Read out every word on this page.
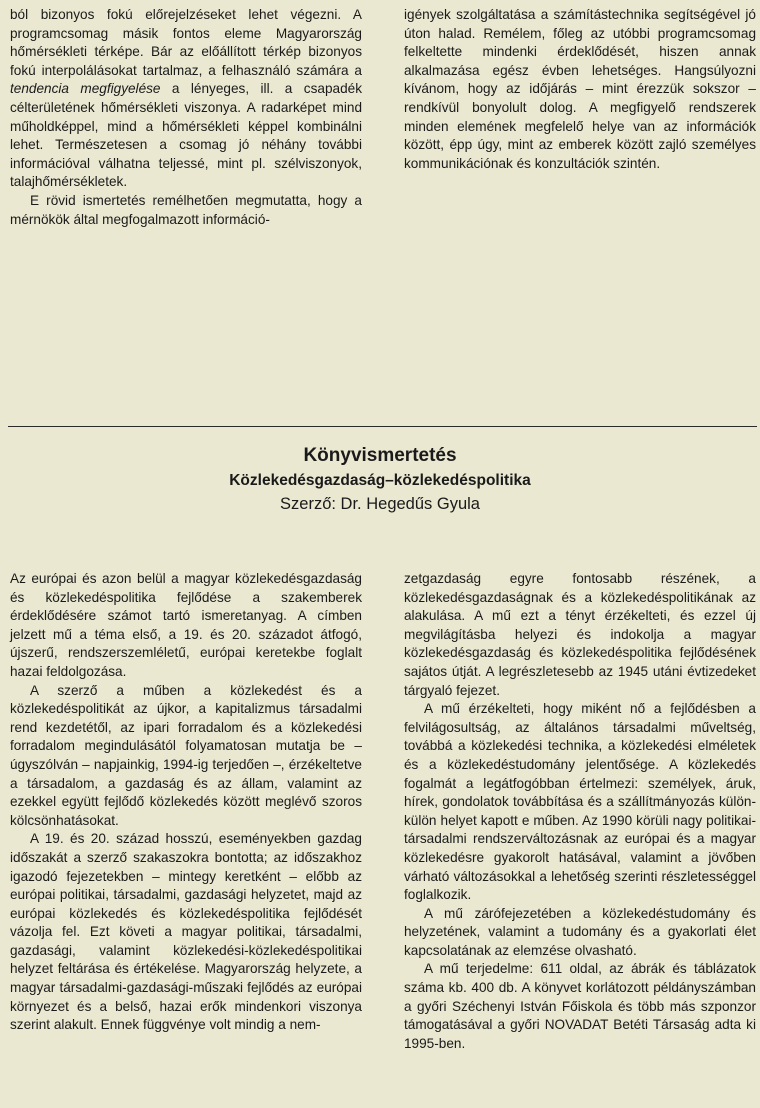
ból bizonyos fokú előrejelzéseket lehet végezni. A programcsomag másik fontos eleme Magyarország hőmérsékleti térképe. Bár az előállított térkép bizonyos fokú interpolálásokat tartalmaz, a felhasználó számára a tendencia megfigyelése a lényeges, ill. a csapadék célterületének hőmérsékleti viszonya. A radarképet mind műholdképpel, mind a hőmérsékleti képpel kombinálni lehet. Természetesen a csomag jó néhány további információval válhatna teljessé, mint pl. szélviszonyok, talajhőmérsékletek.

E rövid ismertetés remélhetően megmutatta, hogy a mérnökök által megfogalmazott információ-

igények szolgáltatása a számítástechnika segítségével jó úton halad. Remélem, főleg az utóbbi programcsomag felkeltette mindenki érdeklődését, hiszen annak alkalmazása egész évben lehetséges. Hangsúlyozni kívánom, hogy az időjárás – mint érezzük sokszor – rendkívül bonyolult dolog. A megfigyelő rendszerek minden elemének megfelelő helye van az információk között, épp úgy, mint az emberek között zajló személyes kommunikációnak és konzultációk szintén.

Könyvismertetés
Közlekedésgazdaság–közlekedéspolitika
Szerző: Dr. Hegedűs Gyula

Az európai és azon belül a magyar közlekedésgazdaság és közlekedéspolitika fejlődése a szakemberek érdeklődésére számot tartó ismeretanyag. A címben jelzett mű a téma első, a 19. és 20. századot átfogó, újszerű, rendszerszemléletű, európai keretekbe foglalt hazai feldolgozása.

A szerző a műben a közlekedést és a közlekedéspolitikát az újkor, a kapitalizmus társadalmi rend kezdetétől, az ipari forradalom és a közlekedési forradalom megindulásától folyamatosan mutatja be – úgyszólván – napjainkig, 1994-ig terjedően –, érzékeltetve a társadalom, a gazdaság és az állam, valamint az ezekkel együtt fejlődő közlekedés között meglévő szoros kölcsönhatásokat.

A 19. és 20. század hosszú, eseményekben gazdag időszakát a szerző szakaszokra bontotta; az időszakhoz igazodó fejezetekben – mintegy keretként – előbb az európai politikai, társadalmi, gazdasági helyzetet, majd az európai közlekedés és közlekedéspolitika fejlődését vázolja fel. Ezt követi a magyar politikai, társadalmi, gazdasági, valamint közlekedési-közlekedéspolitikai helyzet feltárása és értékelése. Magyarország helyzete, a magyar társadalmi-gazdasági-műszaki fejlődés az európai környezet és a belső, hazai erők mindenkori viszonya szerint alakult. Ennek függvénye volt mindig a nem-

zetgazdaság egyre fontosabb részének, a közlekedésgazdaságnak és a közlekedéspolitikának az alakulása. A mű ezt a tényt érzékelteti, és ezzel új megvilágításba helyezi és indokolja a magyar közlekedésgazdaság és közlekedéspolitika fejlődésének sajátos útját. A legrészletesebb az 1945 utáni évtizedeket tárgyaló fejezet.

A mű érzékelteti, hogy miként nő a fejlődésben a felvilágosultság, az általános társadalmi műveltség, továbbá a közlekedési technika, a közlekedési elméletek és a közlekedéstudomány jelentősége. A közlekedés fogalmát a legátfogóbban értelmezi: személyek, áruk, hírek, gondolatok továbbítása és a szállítmányozás külön-külön helyet kapott e műben. Az 1990 körüli nagy politikai-társadalmi rendszerváltozásnak az európai és a magyar közlekedésre gyakorolt hatásával, valamint a jövőben várható változásokkal a lehetőség szerinti részletességgel foglalkozik.

A mű zárófejezetében a közlekedéstudomány és helyzetének, valamint a tudomány és a gyakorlati élet kapcsolatának az elemzése olvasható.

A mű terjedelme: 611 oldal, az ábrák és táblázatok száma kb. 400 db. A könyvet korlátozott példányszámban a győri Széchenyi István Főiskola és több más szponzor támogatásával a győri NOVADAT Betéti Társaság adta ki 1995-ben.
